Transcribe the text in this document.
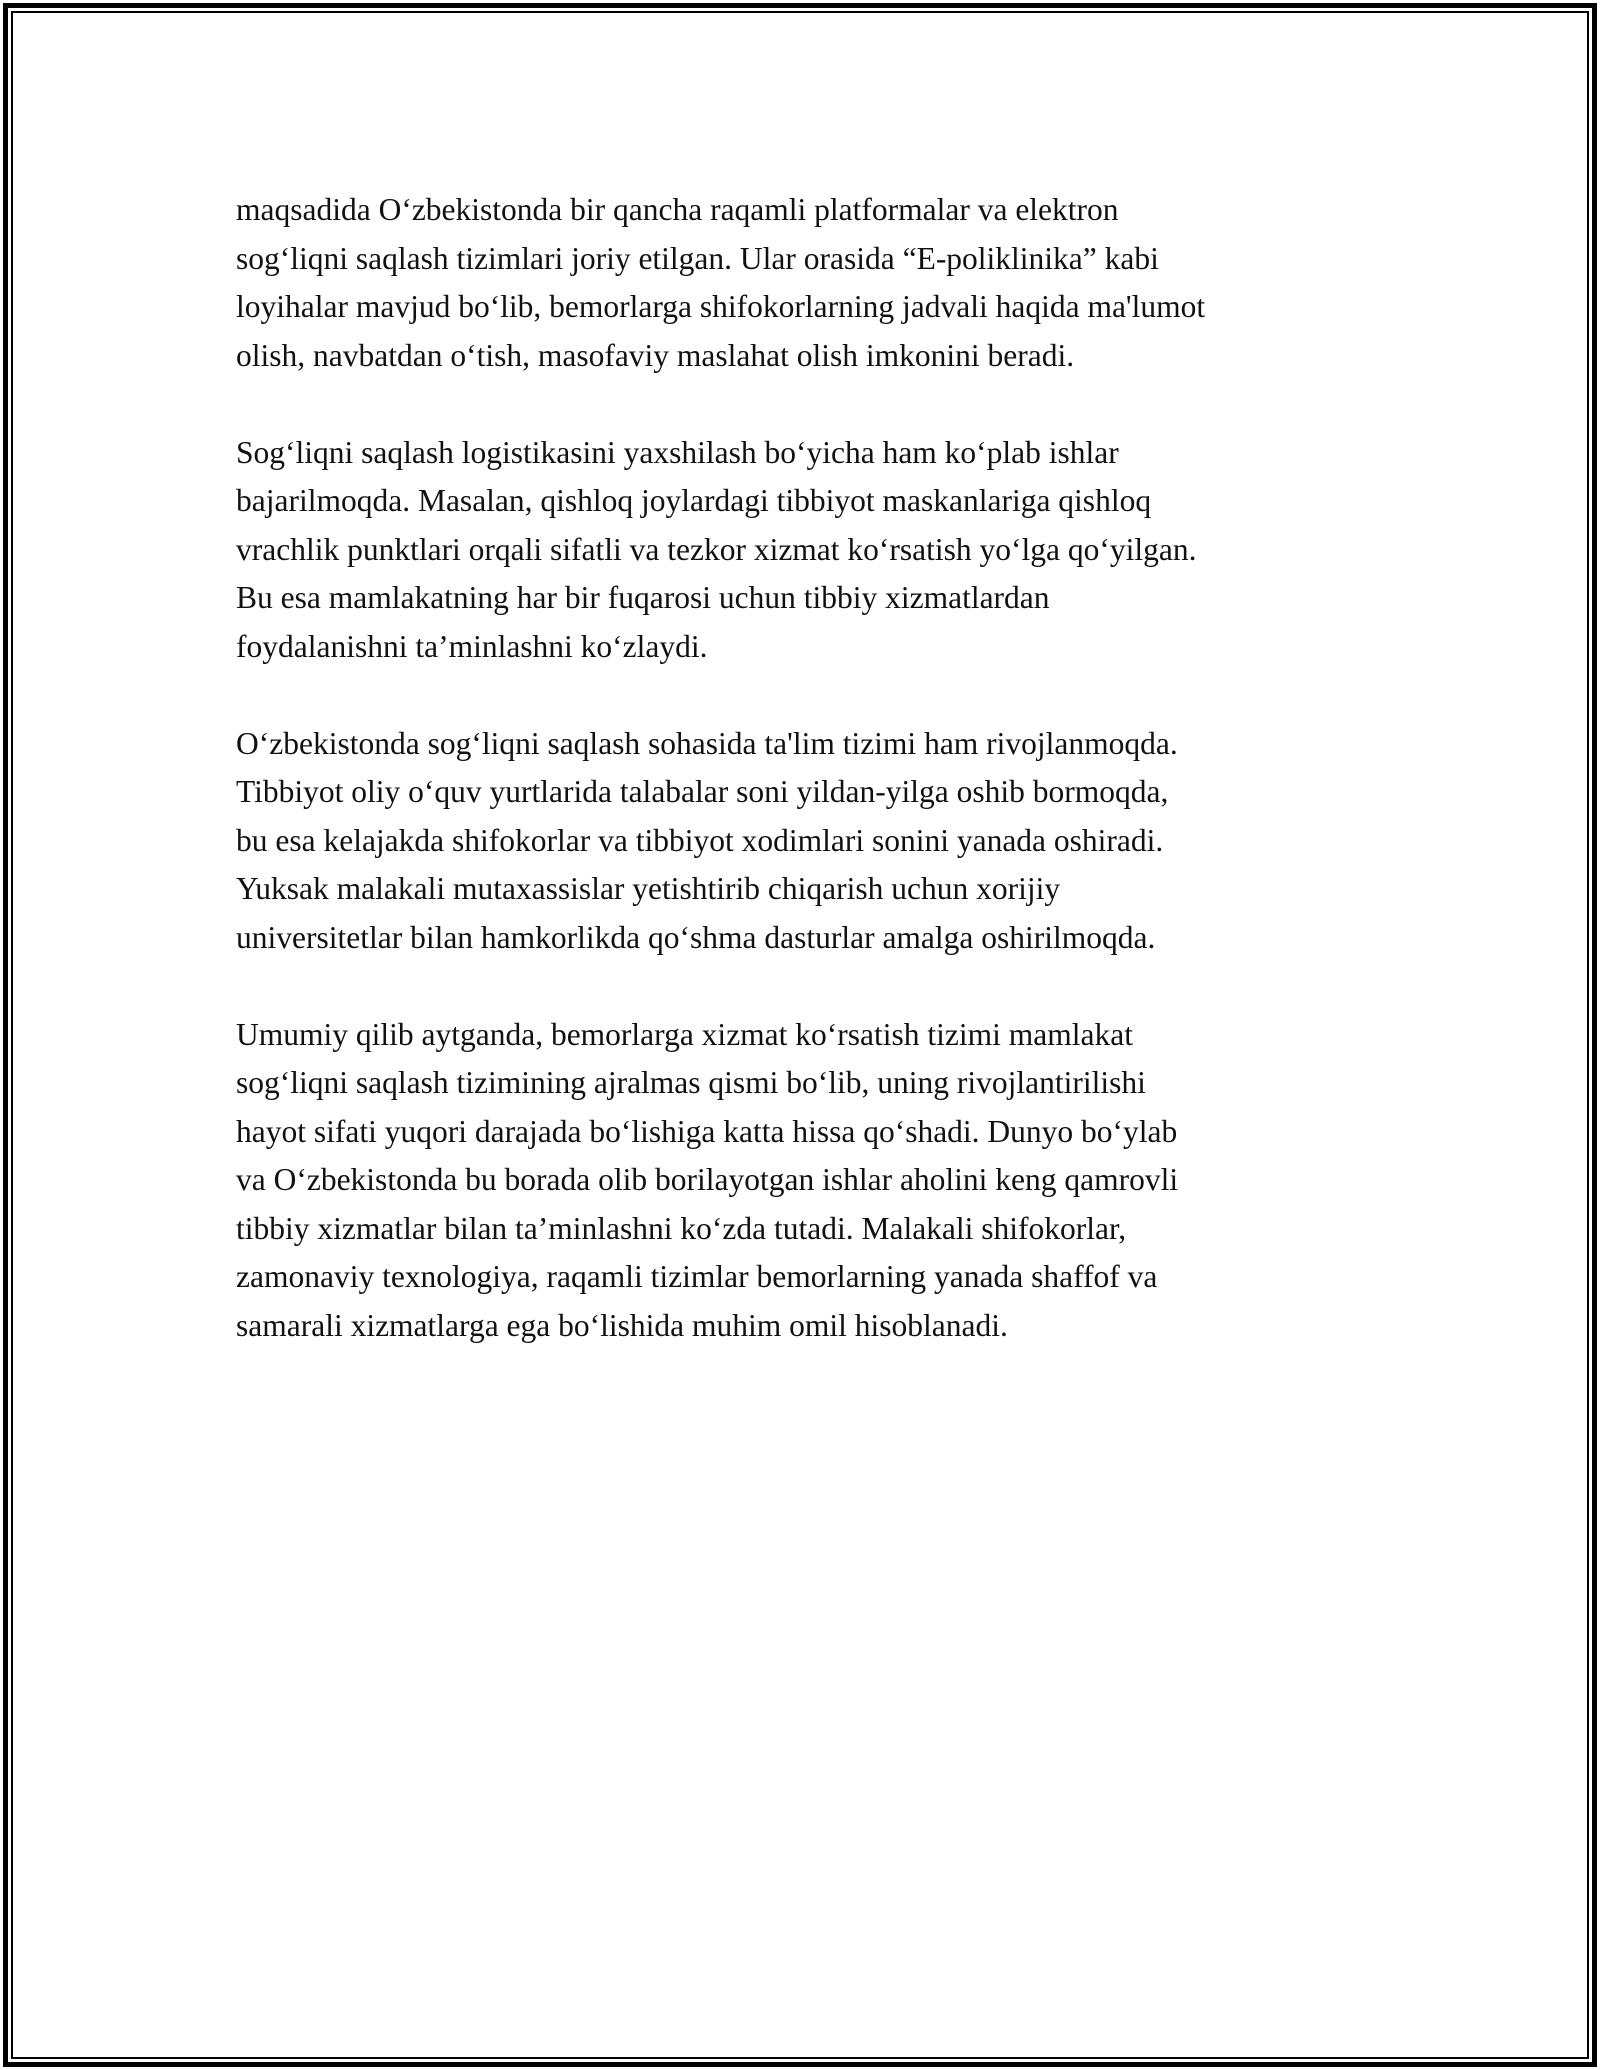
maqsadida O‘zbekistonda bir qancha raqamli platformalar va elektron
sog‘liqni saqlash tizimlari joriy etilgan. Ular orasida “E-poliklinika” kabi
loyihalar mavjud bo‘lib, bemorlarga shifokorlarning jadvali haqida ma'lumot
olish, navbatdan o‘tish, masofaviy maslahat olish imkonini beradi.

Sog‘liqni saqlash logistikasini yaxshilash bo‘yicha ham ko‘plab ishlar
bajarilmoqda. Masalan, qishloq joylardagi tibbiyot maskanlariga qishloq
vrachlik punktlari orqali sifatli va tezkor xizmat ko‘rsatish yo‘lga qo‘yilgan.
Bu esa mamlakatning har bir fuqarosi uchun tibbiy xizmatlardan
foydalanishni ta’minlashni ko‘zlaydi.

O‘zbekistonda sog‘liqni saqlash sohasida ta'lim tizimi ham rivojlanmoqda.
Tibbiyot oliy o‘quv yurtlarida talabalar soni yildan-yilga oshib bormoqda,
bu esa kelajakda shifokorlar va tibbiyot xodimlari sonini yanada oshiradi.
Yuksak malakali mutaxassislar yetishtirib chiqarish uchun xorijiy
universitetlar bilan hamkorlikda qo‘shma dasturlar amalga oshirilmoqda.

Umumiy qilib aytganda, bemorlarga xizmat ko‘rsatish tizimi mamlakat
sog‘liqni saqlash tizimining ajralmas qismi bo‘lib, uning rivojlantirilishi
hayot sifati yuqori darajada bo‘lishiga katta hissa qo‘shadi. Dunyo bo‘ylab
va O‘zbekistonda bu borada olib borilayotgan ishlar aholini keng qamrovli
tibbiy xizmatlar bilan ta’minlashni ko‘zda tutadi. Malakali shifokorlar,
zamonaviy texnologiya, raqamli tizimlar bemorlarning yanada shaffof va
samarali xizmatlarga ega bo‘lishida muhim omil hisoblanadi.
